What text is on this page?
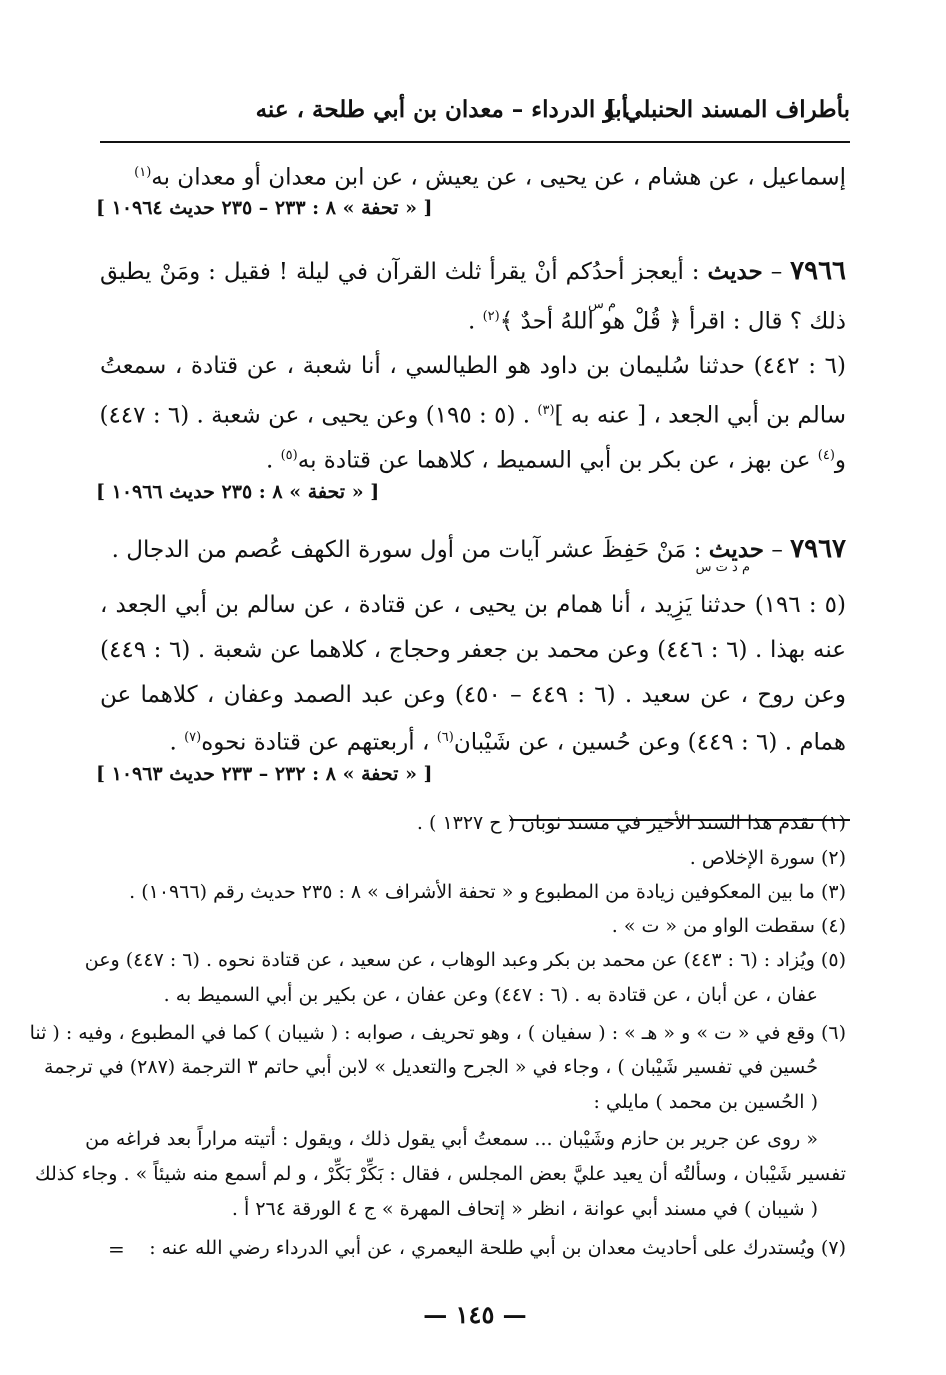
بأطراف المسند الحنبلي ]
أبو الدرداء – معدان بن أبي طلحة ، عنه
إسماعيل ، عن هشام ، عن يحيى ، عن يعيش ، عن ابن معدان أو معدان به$^{(١)}$
[ « تحفة » ٨ : ٢٣٣ – ٢٣٥ حديث ١٠٩٦٤ ]
٧٩٦٦ – حديث : أيعجز أحدُكم أنْ يقرأ ثلث القرآن في ليلة ! فقيل : ومَنْ يطيق
م س
ذلك ؟ قال : اقرأ ﴿ قُلْ هو اللهُ أحدٌ ﴾$^{(٢)}$ .
(٦ : ٤٤٢) حدثنا سُليمان بن داود هو الطيالسي ، أنا شعبة ، عن قتادة ، سمعتُ
سالم بن أبي الجعد ، [ عنه به ]$^{(٣)}$ . (٥ : ١٩٥) وعن يحيى ، عن شعبة . (٦ : ٤٤٧)
و$^{(٤)}$ عن بهز ، عن بكر بن أبي السميط ، كلاهما عن قتادة به$^{(٥)}$ .
[ « تحفة » ٨ : ٢٣٥ حديث ١٠٩٦٦ ]
٧٩٦٧ – حديث : مَنْ حَفِظَ عشر آيات من أول سورة الكهف عُصم من الدجال .
م د ت س
(٥ : ١٩٦) حدثنا يَزِيد ، أنا همام بن يحيى ، عن قتادة ، عن سالم بن أبي الجعد ،
عنه بهذا . (٦ : ٤٤٦) وعن محمد بن جعفر وحجاج ، كلاهما عن شعبة . (٦ : ٤٤٩)
وعن روح ، عن سعيد . (٦ : ٤٤٩ – ٤٥٠) وعن عبد الصمد وعفان ، كلاهما عن
همام . (٦ : ٤٤٩) وعن حُسين ، عن شَيْبان$^{(٦)}$ ، أربعتهم عن قتادة نحوه$^{(٧)}$ .
[ « تحفة » ٨ : ٢٣٢ – ٢٣٣ حديث ١٠٩٦٣ ]
(١) تقدم هذا السند الأخير في مسند ثوبان ( ح ١٣٢٧ ) .
(٢) سورة الإخلاص .
(٣) ما بين المعكوفين زيادة من المطبوع و « تحفة الأشراف » ٨ : ٢٣٥ حديث رقم (١٠٩٦٦) .
(٤) سقطت الواو من « ت » .
(٥) ويُزاد : (٦ : ٤٤٣) عن محمد بن بكر وعبد الوهاب ، عن سعيد ، عن قتادة نحوه . (٦ : ٤٤٧) وعن
عفان ، عن أبان ، عن قتادة به . (٦ : ٤٤٧) وعن عفان ، عن بكير بن أبي السميط به .
(٦) وقع في « ت » و « هـ » : ( سفيان ) ، وهو تحريف ، صوابه : ( شيبان ) كما في المطبوع ، وفيه : ( ثنا
حُسين في تفسير شَيْبان ) ، وجاء في « الجرح والتعديل » لابن أبي حاتم ٣ الترجمة (٢٨٧) في ترجمة
( الحُسين بن محمد ) مايلي :
« روى عن جرير بن حازم وشَيْبان ... سمعتُ أبي يقول ذلك ، ويقول : أتيته مراراً بعد فراغه من
تفسير شَيْبان ، وسألتُه أن يعيد عليَّ بعض المجلس ، فقال : بَكِّرْ بَكِّرْ ، و لم أسمع منه شيئاً » . وجاء كذلك
( شيبان ) في مسند أبي عوانة ، انظر « إتحاف المهرة » ج ٤ الورقة ٢٦٤ أ .
(٧) ويُستدرك على أحاديث معدان بن أبي طلحة اليعمري ، عن أبي الدرداء رضي الله عنه :
=
— ١٤٥ —
